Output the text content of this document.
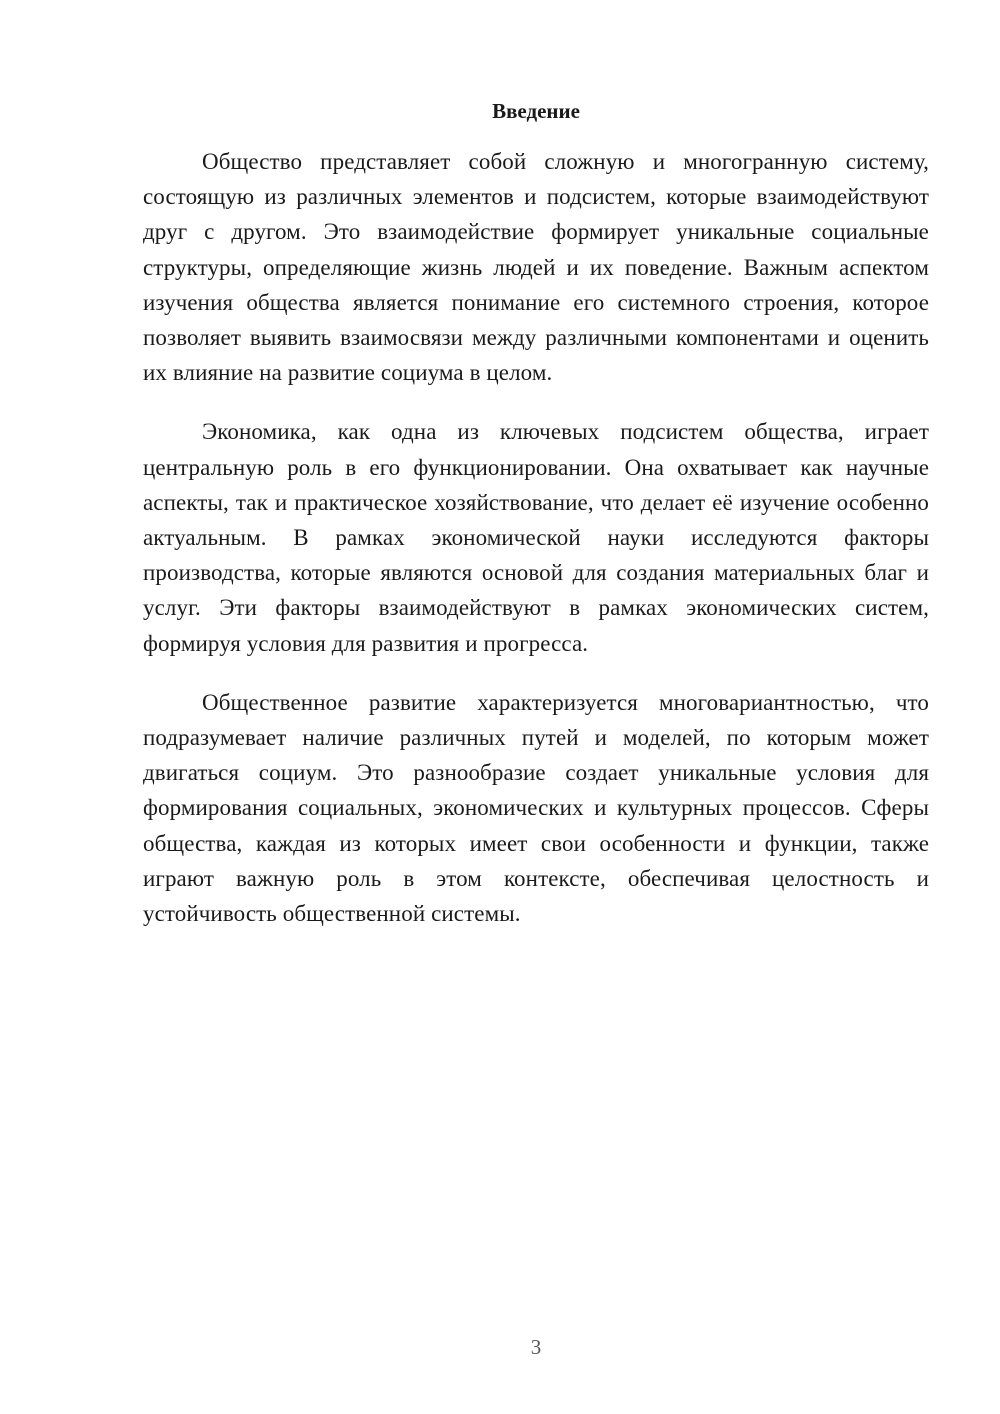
Введение

Общество представляет собой сложную и многогранную систему, состоящую из различных элементов и подсистем, которые взаимодействуют друг с другом. Это взаимодействие формирует уникальные социальные структуры, определяющие жизнь людей и их поведение. Важным аспектом изучения общества является понимание его системного строения, которое позволяет выявить взаимосвязи между различными компонентами и оценить их влияние на развитие социума в целом.

Экономика, как одна из ключевых подсистем общества, играет центральную роль в его функционировании. Она охватывает как научные аспекты, так и практическое хозяйствование, что делает её изучение особенно актуальным. В рамках экономической науки исследуются факторы производства, которые являются основой для создания материальных благ и услуг. Эти факторы взаимодействуют в рамках экономических систем, формируя условия для развития и прогресса.

Общественное развитие характеризуется многовариантностью, что подразумевает наличие различных путей и моделей, по которым может двигаться социум. Это разнообразие создает уникальные условия для формирования социальных, экономических и культурных процессов. Сферы общества, каждая из которых имеет свои особенности и функции, также играют важную роль в этом контексте, обеспечивая целостность и устойчивость общественной системы.

3
